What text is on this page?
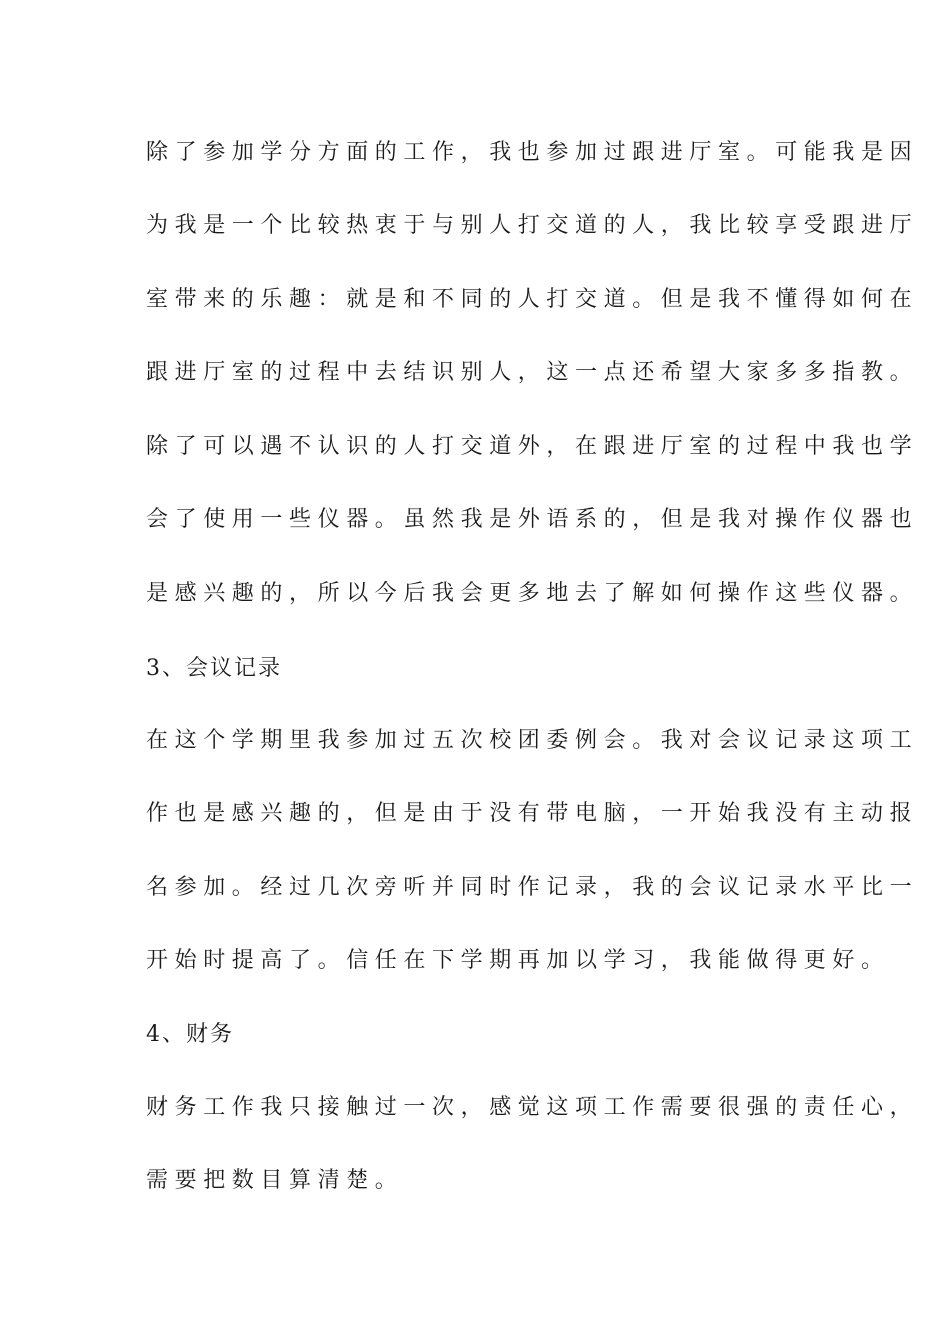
除了参加学分方面的工作，我也参加过跟进厅室。可能我是因
为我是一个比较热衷于与别人打交道的人，我比较享受跟进厅
室带来的乐趣：就是和不同的人打交道。但是我不懂得如何在
跟进厅室的过程中去结识别人，这一点还希望大家多多指教。
除了可以遇不认识的人打交道外，在跟进厅室的过程中我也学
会了使用一些仪器。虽然我是外语系的，但是我对操作仪器也
是感兴趣的，所以今后我会更多地去了解如何操作这些仪器。
3、会议记录
在这个学期里我参加过五次校团委例会。我对会议记录这项工
作也是感兴趣的，但是由于没有带电脑，一开始我没有主动报
名参加。经过几次旁听并同时作记录，我的会议记录水平比一
开始时提高了。信任在下学期再加以学习，我能做得更好。
4、财务
财务工作我只接触过一次，感觉这项工作需要很强的责任心，
需要把数目算清楚。
